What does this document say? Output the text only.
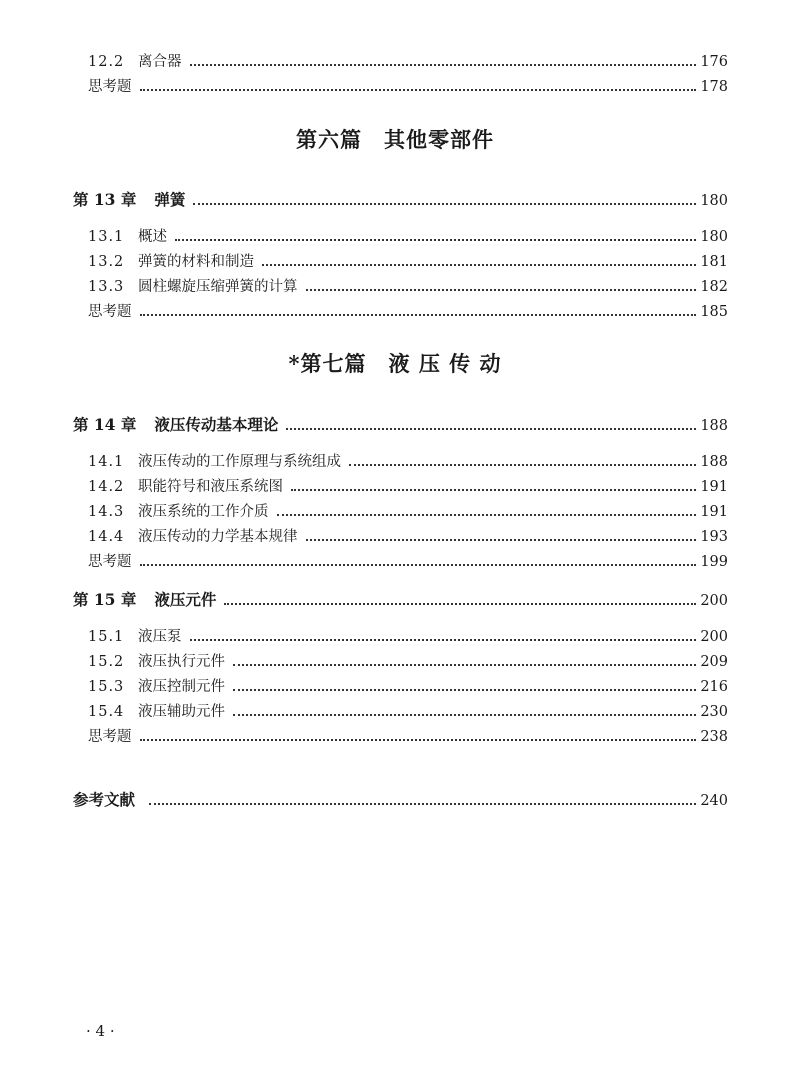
12.2 离合器	176
思考题	178
第六篇 其他零部件
第 13 章 弹簧	180
13.1 概述	180
13.2 弹簧的材料和制造	181
13.3 圆柱螺旋压缩弹簧的计算	182
思考题	185
*第七篇 液 压 传 动
第 14 章 液压传动基本理论	188
14.1 液压传动的工作原理与系统组成	188
14.2 职能符号和液压系统图	191
14.3 液压系统的工作介质	191
14.4 液压传动的力学基本规律	193
思考题	199
第 15 章 液压元件	200
15.1 液压泵	200
15.2 液压执行元件	209
15.3 液压控制元件	216
15.4 液压辅助元件	230
思考题	238
参考文献	240
· 4 ·
